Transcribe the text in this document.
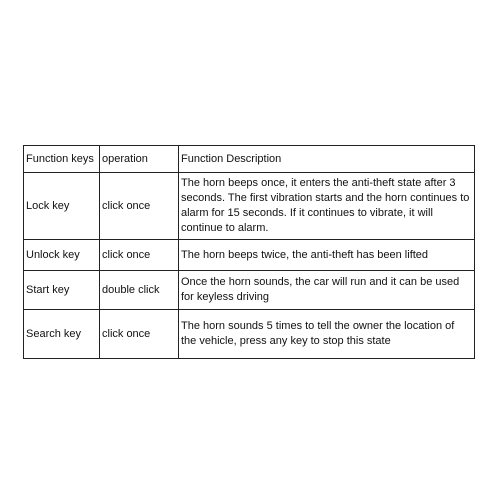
Function keys	operation	Function Description
Lock key	click once	The horn beeps once, it enters the anti-theft state after 3 seconds. The first vibration starts and the horn continues to alarm for 15 seconds. If it continues to vibrate, it will continue to alarm.
Unlock key	click once	The horn beeps twice, the anti-theft has been lifted
Start key	double click	Once the horn sounds, the car will run and it can be used for keyless driving
Search key	click once	The horn sounds 5 times to tell the owner the location of the vehicle, press any key to stop this state
